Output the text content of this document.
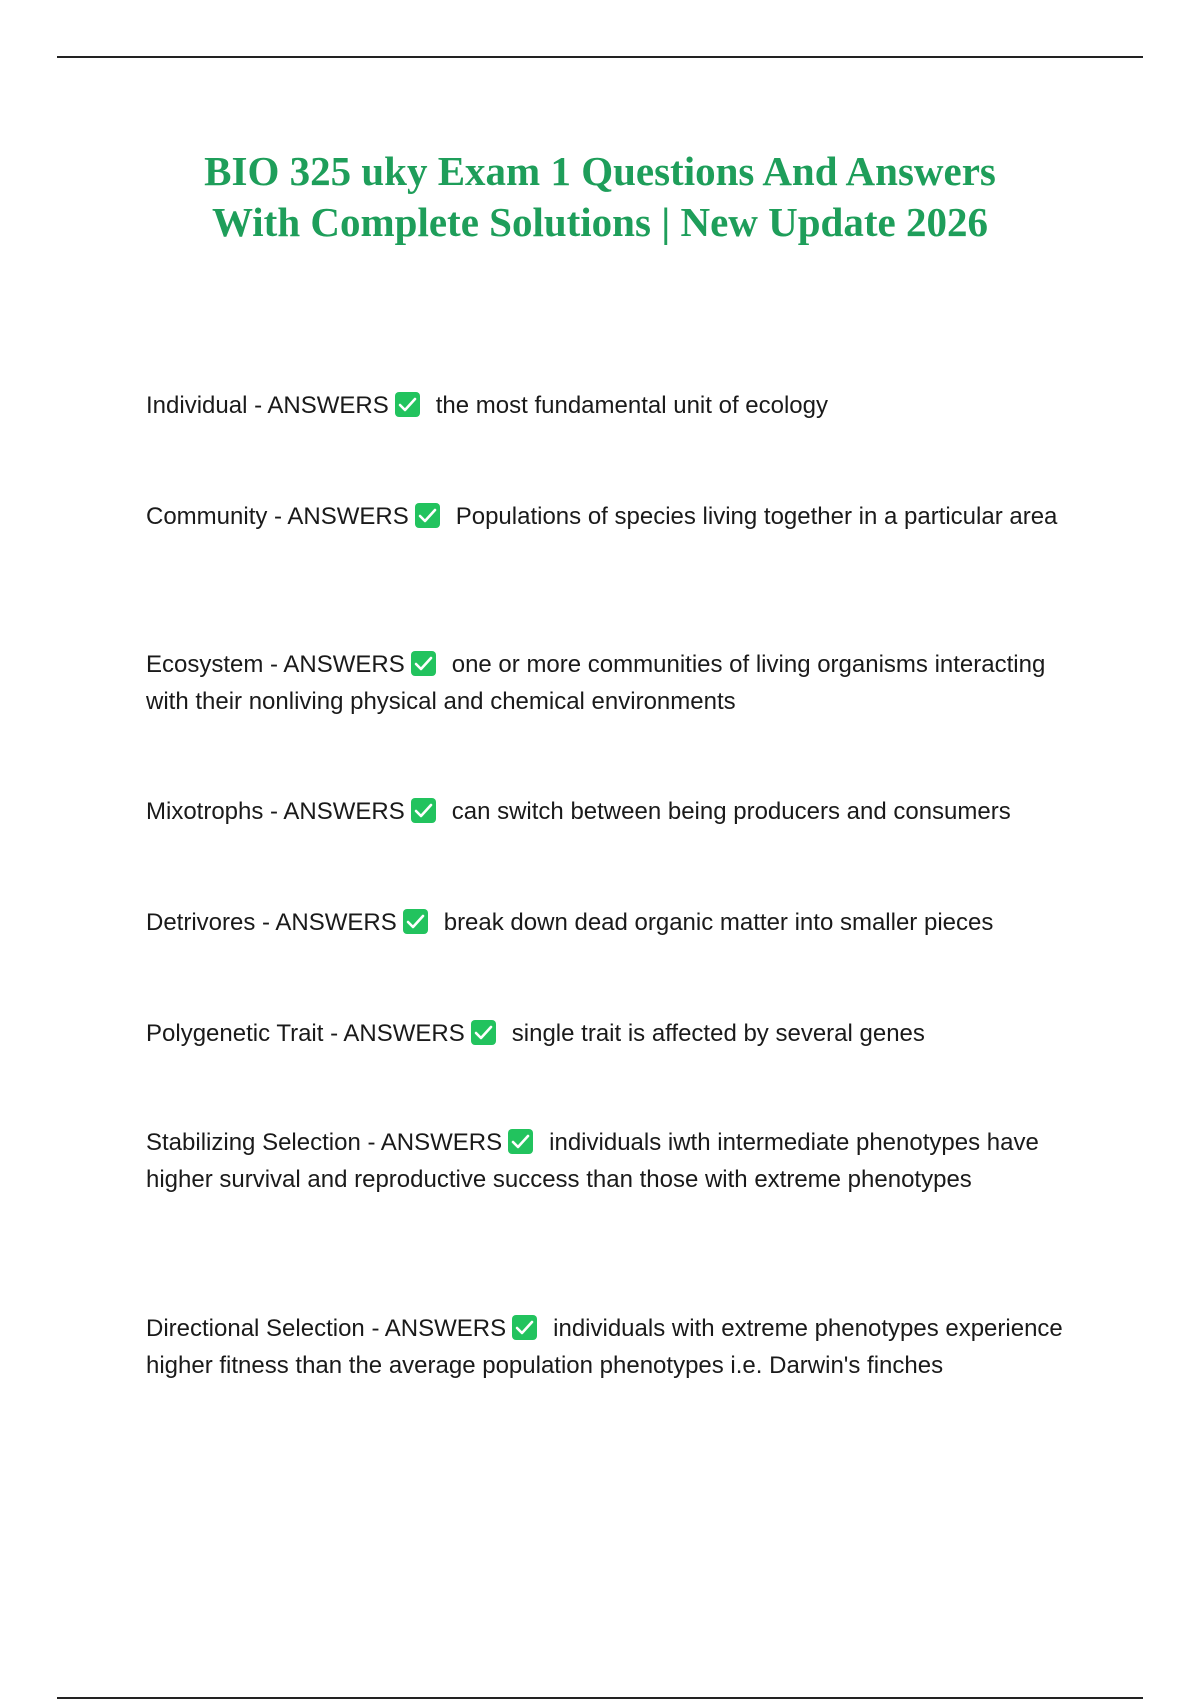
BIO 325 uky Exam 1 Questions And Answers
With Complete Solutions | New Update 2026

Individual - ANSWERS the most fundamental unit of ecology

Community - ANSWERS Populations of species living together in a particular area

Ecosystem - ANSWERS one or more communities of living organisms interacting with their nonliving physical and chemical environments

Mixotrophs - ANSWERS can switch between being producers and consumers

Detrivores - ANSWERS break down dead organic matter into smaller pieces

Polygenetic Trait - ANSWERS single trait is affected by several genes

Stabilizing Selection - ANSWERS individuals iwth intermediate phenotypes have higher survival and reproductive success than those with extreme phenotypes

Directional Selection - ANSWERS individuals with extreme phenotypes experience higher fitness than the average population phenotypes i.e. Darwin's finches
